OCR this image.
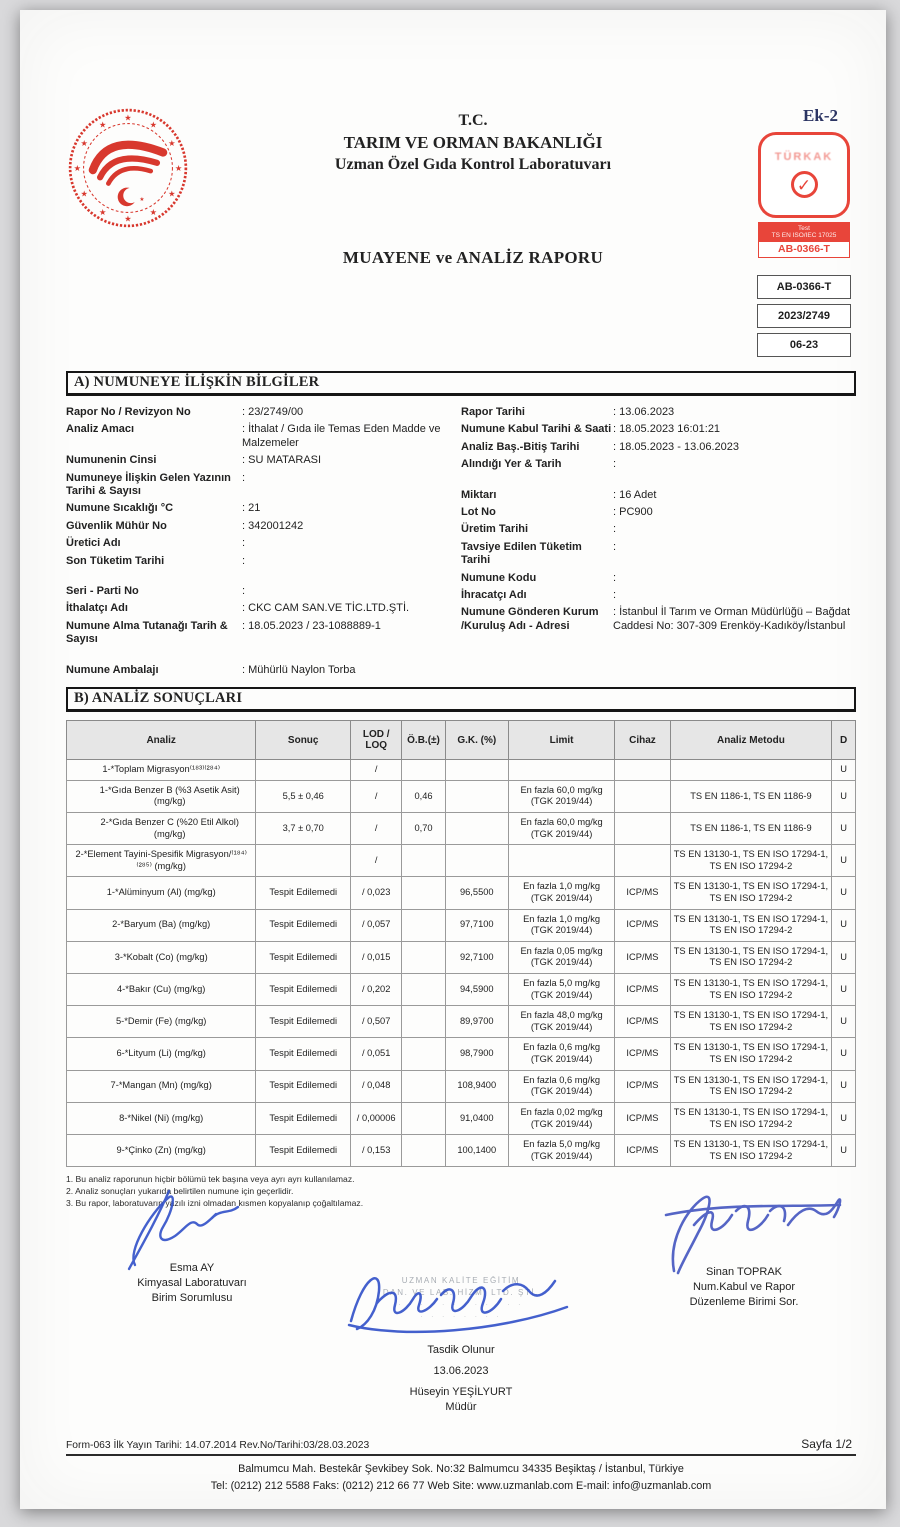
★
★
★
★
★
★
★
★
★
★
★
★
★
T.C.
TARIM VE ORMAN BAKANLIĞI
Uzman Özel Gıda Kontrol Laboratuvarı
MUAYENE ve ANALİZ RAPORU
Ek-2
TÜRKAK
✓
Test
TS EN ISO/IEC 17025
AB-0366-T
AB-0366-T
2023/2749
06-23
A) NUMUNEYE İLİŞKİN BİLGİLER
Rapor No / Revizyon No	: 23/2749/00
Analiz Amacı	: İthalat / Gıda ile Temas Eden Madde ve Malzemeler
Numunenin Cinsi	: SU MATARASI
Numuneye İlişkin Gelen Yazının Tarihi & Sayısı
:
Numune Sıcaklığı °C	: 21
Güvenlik Mühür No	: 342001242
Üretici Adı
:
Son Tüketim Tarihi
:
Seri - Parti No
:
İthalatçı Adı	: CKC CAM SAN.VE TİC.LTD.ŞTİ.
Numune Alma Tutanağı Tarih & Sayısı
: 18.05.2023 / 23-1088889-1
Numune Ambalajı	: Mühürlü Naylon Torba
Rapor Tarihi	: 13.06.2023
Numune Kabul Tarihi & Saati : 18.05.2023 16:01:21
Analiz Baş.-Bitiş Tarihi	: 18.05.2023 - 13.06.2023
Alındığı Yer & Tarih
:
Miktarı	: 16 Adet
Lot No	: PC900
Üretim Tarihi
:
Tavsiye Edilen Tüketim Tarihi
:
Numune Kodu
:
İhracatçı Adı
:
Numune Gönderen Kurum /Kuruluş Adı - Adresi
: İstanbul İl Tarım ve Orman Müdürlüğü – Bağdat Caddesi No: 307-309 Erenköy-Kadıköy/İstanbul
B) ANALİZ SONUÇLARI
Analiz	Sonuç	LOD / LOQ	Ö.B.(±)	G.K. (%)	Limit	Cihaz	Analiz Metodu	D
1-*Toplam Migrasyon⁽¹⁸³⁾⁽²⁸⁴⁾		/						U
1-*Gıda Benzer B (%3 Asetik Asit) (mg/kg)	5,5 ± 0,46	/	0,46		En fazla 60,0 mg/kg (TGK 2019/44)		TS EN 1186-1, TS EN 1186-9	U
2-*Gıda Benzer C (%20 Etil Alkol) (mg/kg)	3,7 ± 0,70	/	0,70		En fazla 60,0 mg/kg (TGK 2019/44)		TS EN 1186-1, TS EN 1186-9	U
2-*Element Tayini-Spesifik Migrasyon/⁽¹⁸⁴⁾⁽²⁸⁵⁾ (mg/kg)		/					TS EN 13130-1, TS EN ISO 17294-1, TS EN ISO 17294-2	U
1-*Alüminyum (Al) (mg/kg)	Tespit Edilemedi	/ 0,023		96,5500	En fazla 1,0 mg/kg (TGK 2019/44)	ICP/MS	TS EN 13130-1, TS EN ISO 17294-1, TS EN ISO 17294-2	U
2-*Baryum (Ba) (mg/kg)	Tespit Edilemedi	/ 0,057		97,7100	En fazla 1,0 mg/kg (TGK 2019/44)	ICP/MS	TS EN 13130-1, TS EN ISO 17294-1, TS EN ISO 17294-2	U
3-*Kobalt (Co) (mg/kg)	Tespit Edilemedi	/ 0,015		92,7100	En fazla 0,05 mg/kg (TGK 2019/44)	ICP/MS	TS EN 13130-1, TS EN ISO 17294-1, TS EN ISO 17294-2	U
4-*Bakır (Cu) (mg/kg)	Tespit Edilemedi	/ 0,202		94,5900	En fazla 5,0 mg/kg (TGK 2019/44)	ICP/MS	TS EN 13130-1, TS EN ISO 17294-1, TS EN ISO 17294-2	U
5-*Demir (Fe) (mg/kg)	Tespit Edilemedi	/ 0,507		89,9700	En fazla 48,0 mg/kg (TGK 2019/44)	ICP/MS	TS EN 13130-1, TS EN ISO 17294-1, TS EN ISO 17294-2	U
6-*Lityum (Li) (mg/kg)	Tespit Edilemedi	/ 0,051		98,7900	En fazla 0,6 mg/kg (TGK 2019/44)	ICP/MS	TS EN 13130-1, TS EN ISO 17294-1, TS EN ISO 17294-2	U
7-*Mangan (Mn) (mg/kg)	Tespit Edilemedi	/ 0,048		108,9400	En fazla 0,6 mg/kg (TGK 2019/44)	ICP/MS	TS EN 13130-1, TS EN ISO 17294-1, TS EN ISO 17294-2	U
8-*Nikel (Ni) (mg/kg)	Tespit Edilemedi	/ 0,00006		91,0400	En fazla 0,02 mg/kg (TGK 2019/44)	ICP/MS	TS EN 13130-1, TS EN ISO 17294-1, TS EN ISO 17294-2	U
9-*Çinko (Zn) (mg/kg)	Tespit Edilemedi	/ 0,153		100,1400	En fazla 5,0 mg/kg (TGK 2019/44)	ICP/MS	TS EN 13130-1, TS EN ISO 17294-1, TS EN ISO 17294-2	U
1. Bu analiz raporunun hiçbir bölümü tek başına veya ayrı ayrı kullanılamaz.
2. Analiz sonuçları yukarıda belirtilen numune için geçerlidir.
3. Bu rapor, laboratuvarın yazılı izni olmadan kısmen kopyalanıp çoğaltılamaz.
Esma AY
Kimyasal Laboratuvarı
Birim Sorumlusu
Sinan TOPRAK
Num.Kabul ve Rapor
Düzenleme Birimi Sor.
UZMAN KALİTE EĞİTİM
DAN. VE LAB. HİZM. LTD. ŞTİ.
· · · · · · · · · · · ·
· · · · · · · ·
Tasdik Olunur
13.06.2023
Hüseyin YEŞİLYURT
Müdür
Form-063 İlk Yayın Tarihi: 14.07.2014 Rev.No/Tarihi:03/28.03.2023	Sayfa 1/2
Balmumcu Mah. Bestekâr Şevkibey Sok. No:32 Balmumcu 34335 Beşiktaş / İstanbul, Türkiye
Tel: (0212) 212 5588 Faks: (0212) 212 66 77 Web Site: www.uzmanlab.com E-mail: info@uzmanlab.com
